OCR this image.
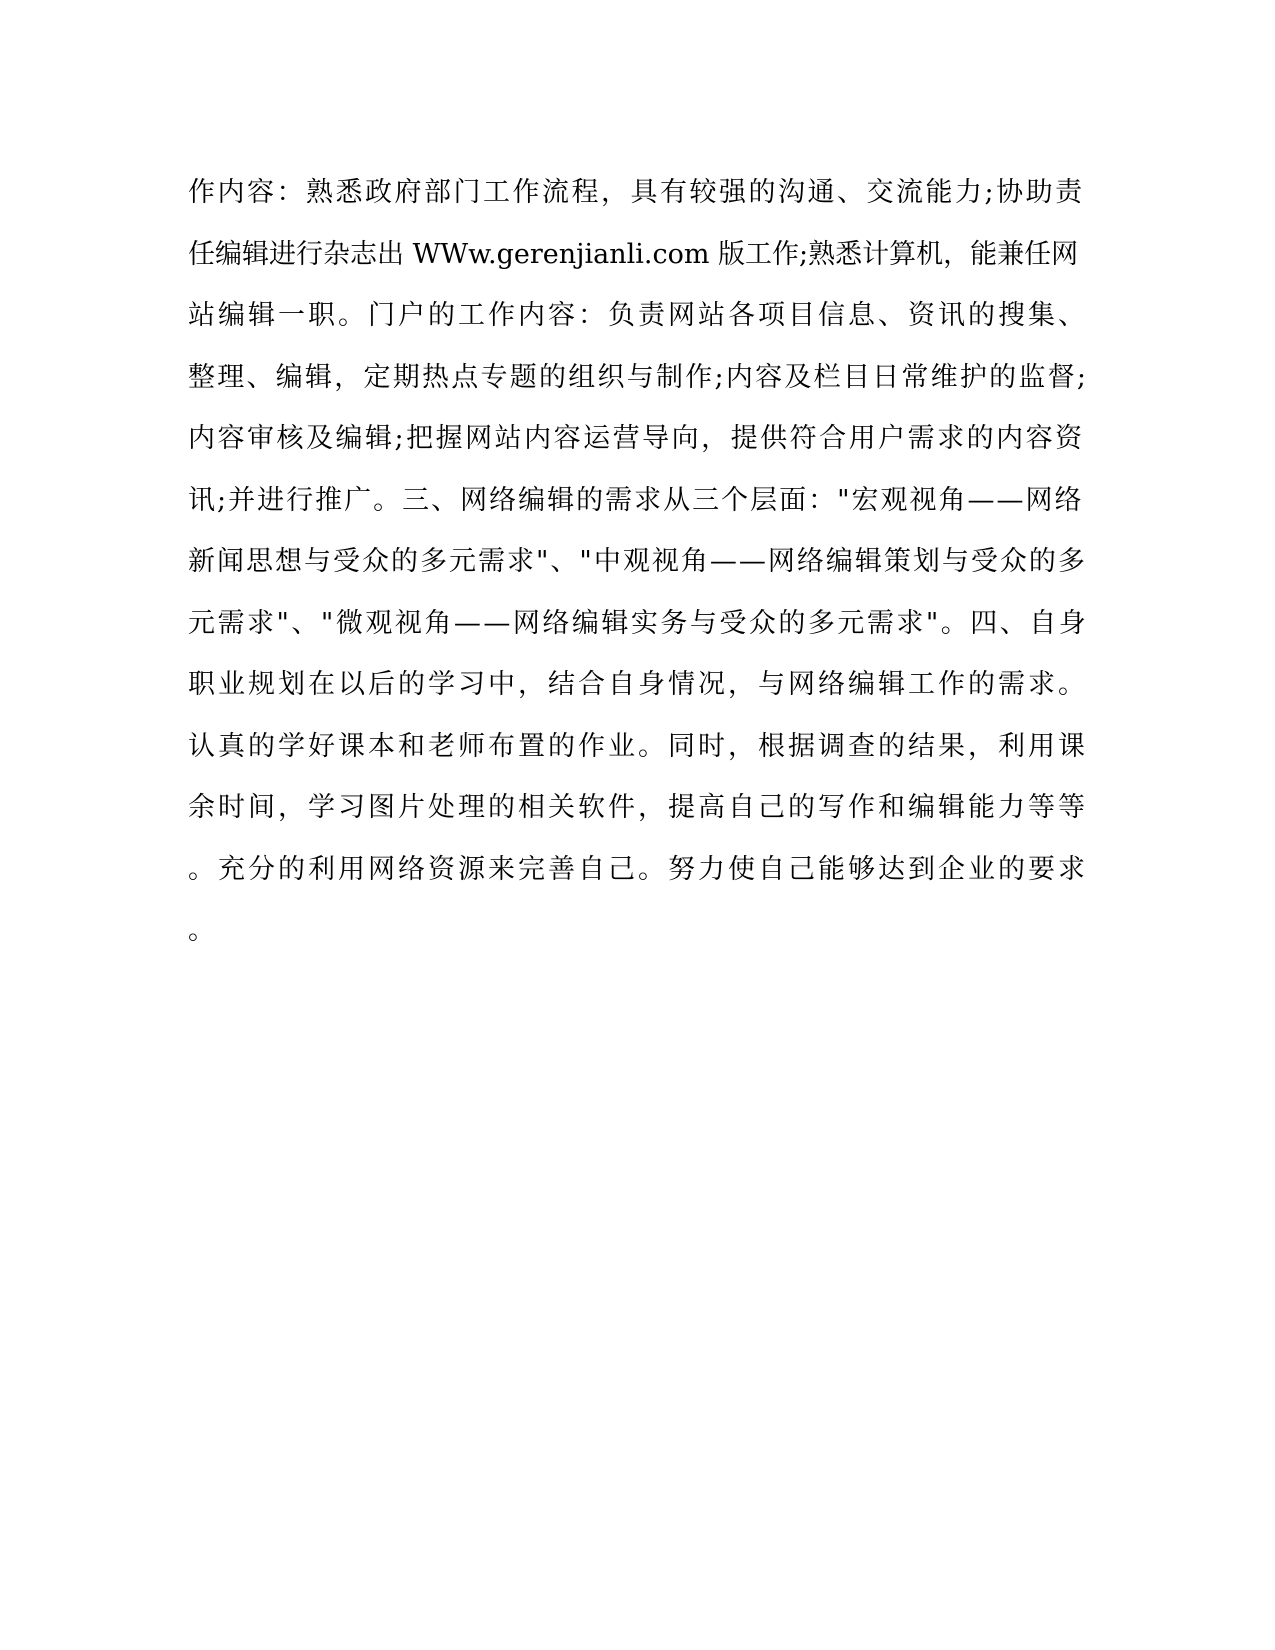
作内容：熟悉政府部门工作流程，具有较强的沟通、交流能力;协助责
任编辑进行杂志出 WWw.gerenjianli.com 版工作;熟悉计算机，能兼任网
站编辑一职。门户的工作内容：负责网站各项目信息、资讯的搜集、
整理、编辑，定期热点专题的组织与制作;内容及栏目日常维护的监督;
内容审核及编辑;把握网站内容运营导向，提供符合用户需求的内容资
讯;并进行推广。三、网络编辑的需求从三个层面："宏观视角——网络
新闻思想与受众的多元需求"、"中观视角——网络编辑策划与受众的多
元需求"、"微观视角——网络编辑实务与受众的多元需求"。四、自身
职业规划在以后的学习中，结合自身情况，与网络编辑工作的需求。
认真的学好课本和老师布置的作业。同时，根据调查的结果，利用课
余时间，学习图片处理的相关软件，提高自己的写作和编辑能力等等
。充分的利用网络资源来完善自己。努力使自己能够达到企业的要求
。
